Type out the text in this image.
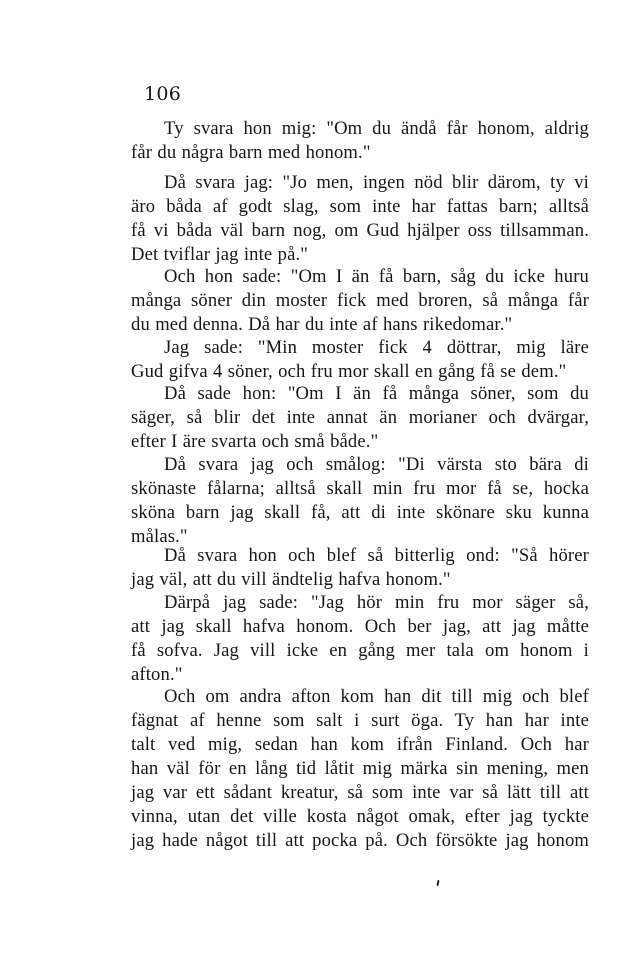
106
Ty svara hon mig: "Om du ändå får honom, aldrig
får du några barn med honom."
Då svara jag: "Jo men, ingen nöd blir därom, ty vi
äro båda af godt slag, som inte har fattas barn; alltså
få vi båda väl barn nog, om Gud hjälper oss tillsamman.
Det tviflar jag inte på."
Och hon sade: "Om I än få barn, såg du icke huru
många söner din moster fick med broren, så många får
du med denna. Då har du inte af hans rikedomar."
Jag sade: "Min moster fick 4 döttrar, mig läre
Gud gifva 4 söner, och fru mor skall en gång få se dem."
Då sade hon: "Om I än få många söner, som du
säger, så blir det inte annat än morianer och dvärgar,
efter I äre svarta och små både."
Då svara jag och smålog: "Di värsta sto bära di
skönaste fålarna; alltså skall min fru mor få se, hocka
sköna barn jag skall få, att di inte skönare sku kunna
målas."
Då svara hon och blef så bitterlig ond: "Så hörer
jag väl, att du vill ändtelig hafva honom."
Därpå jag sade: "Jag hör min fru mor säger så,
att jag skall hafva honom. Och ber jag, att jag måtte
få sofva. Jag vill icke en gång mer tala om honom i
afton."
Och om andra afton kom han dit till mig och blef
fägnat af henne som salt i surt öga. Ty han har inte
talt ved mig, sedan han kom ifrån Finland. Och har
han väl för en lång tid låtit mig märka sin mening, men
jag var ett sådant kreatur, så som inte var så lätt till att
vinna, utan det ville kosta något omak, efter jag tyckte
jag hade något till att pocka på. Och försökte jag honom
